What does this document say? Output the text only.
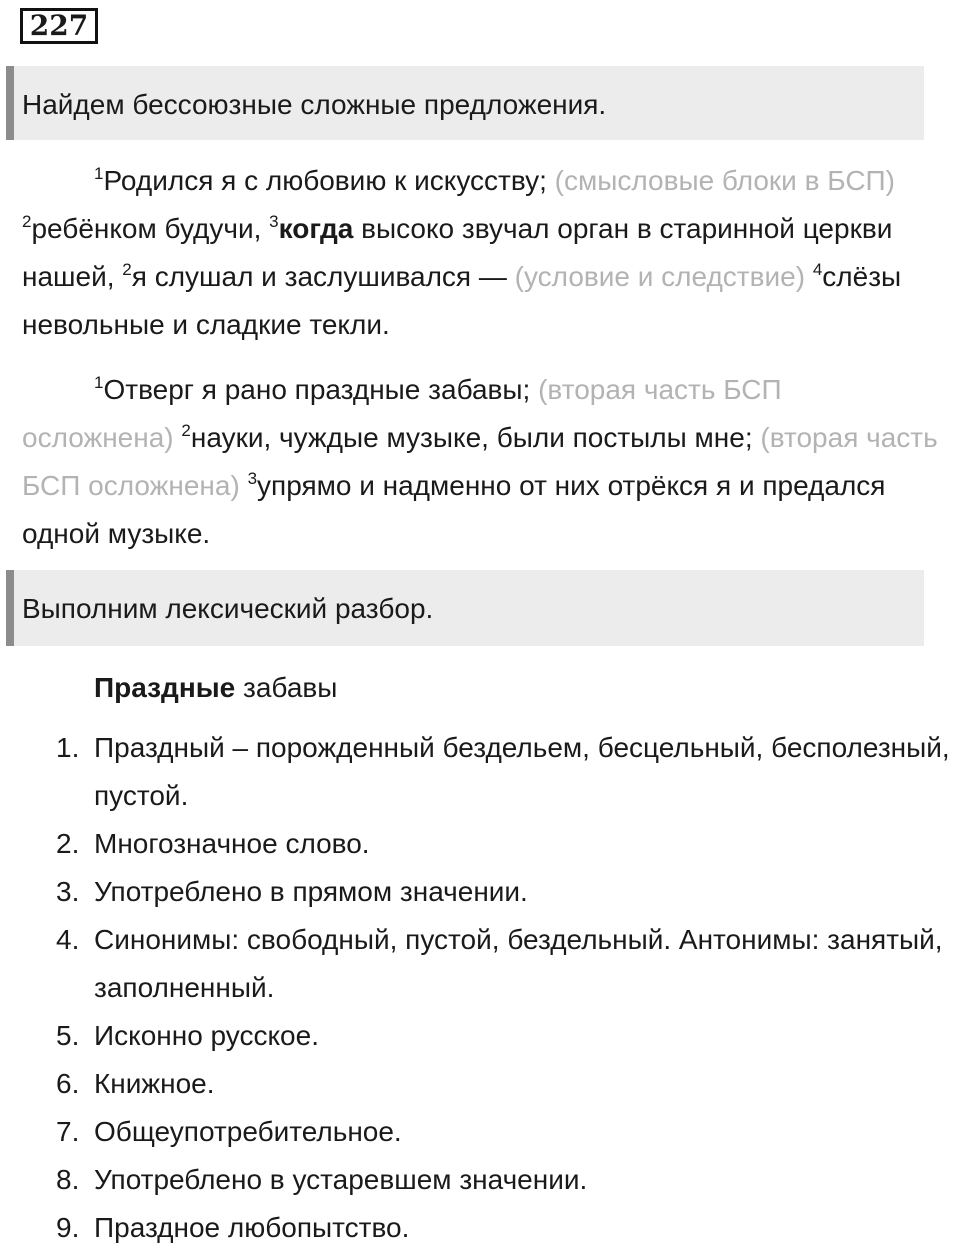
227
Найдем бессоюзные сложные предложения.

$^1$Родился я с любовию к искусству; (смысловые блоки в БСП) $^2$ребёнком будучи, $^3$когда высоко звучал орган в старинной церкви нашей, $^2$я слушал и заслушивался — (условие и следствие) $^4$слёзы невольные и сладкие текли.

$^1$Отверг я рано праздные забавы; (вторая часть БСП осложнена) $^2$науки, чуждые музыке, были постылы мне; (вторая часть БСП осложнена) $^3$упрямо и надменно от них отрёкся я и предался одной музыке.

Выполним лексический разбор.
Праздные забавы
1. Праздный – порожденный бездельем, бесцельный, бесполезный, пустой.
2. Многозначное слово.
3. Употреблено в прямом значении.
4. Синонимы: свободный, пустой, бездельный. Антонимы: занятый, заполненный.
5. Исконно русское.
6. Книжное.
7. Общеупотребительное.
8. Употреблено в устаревшем значении.
9. Праздное любопытство.
